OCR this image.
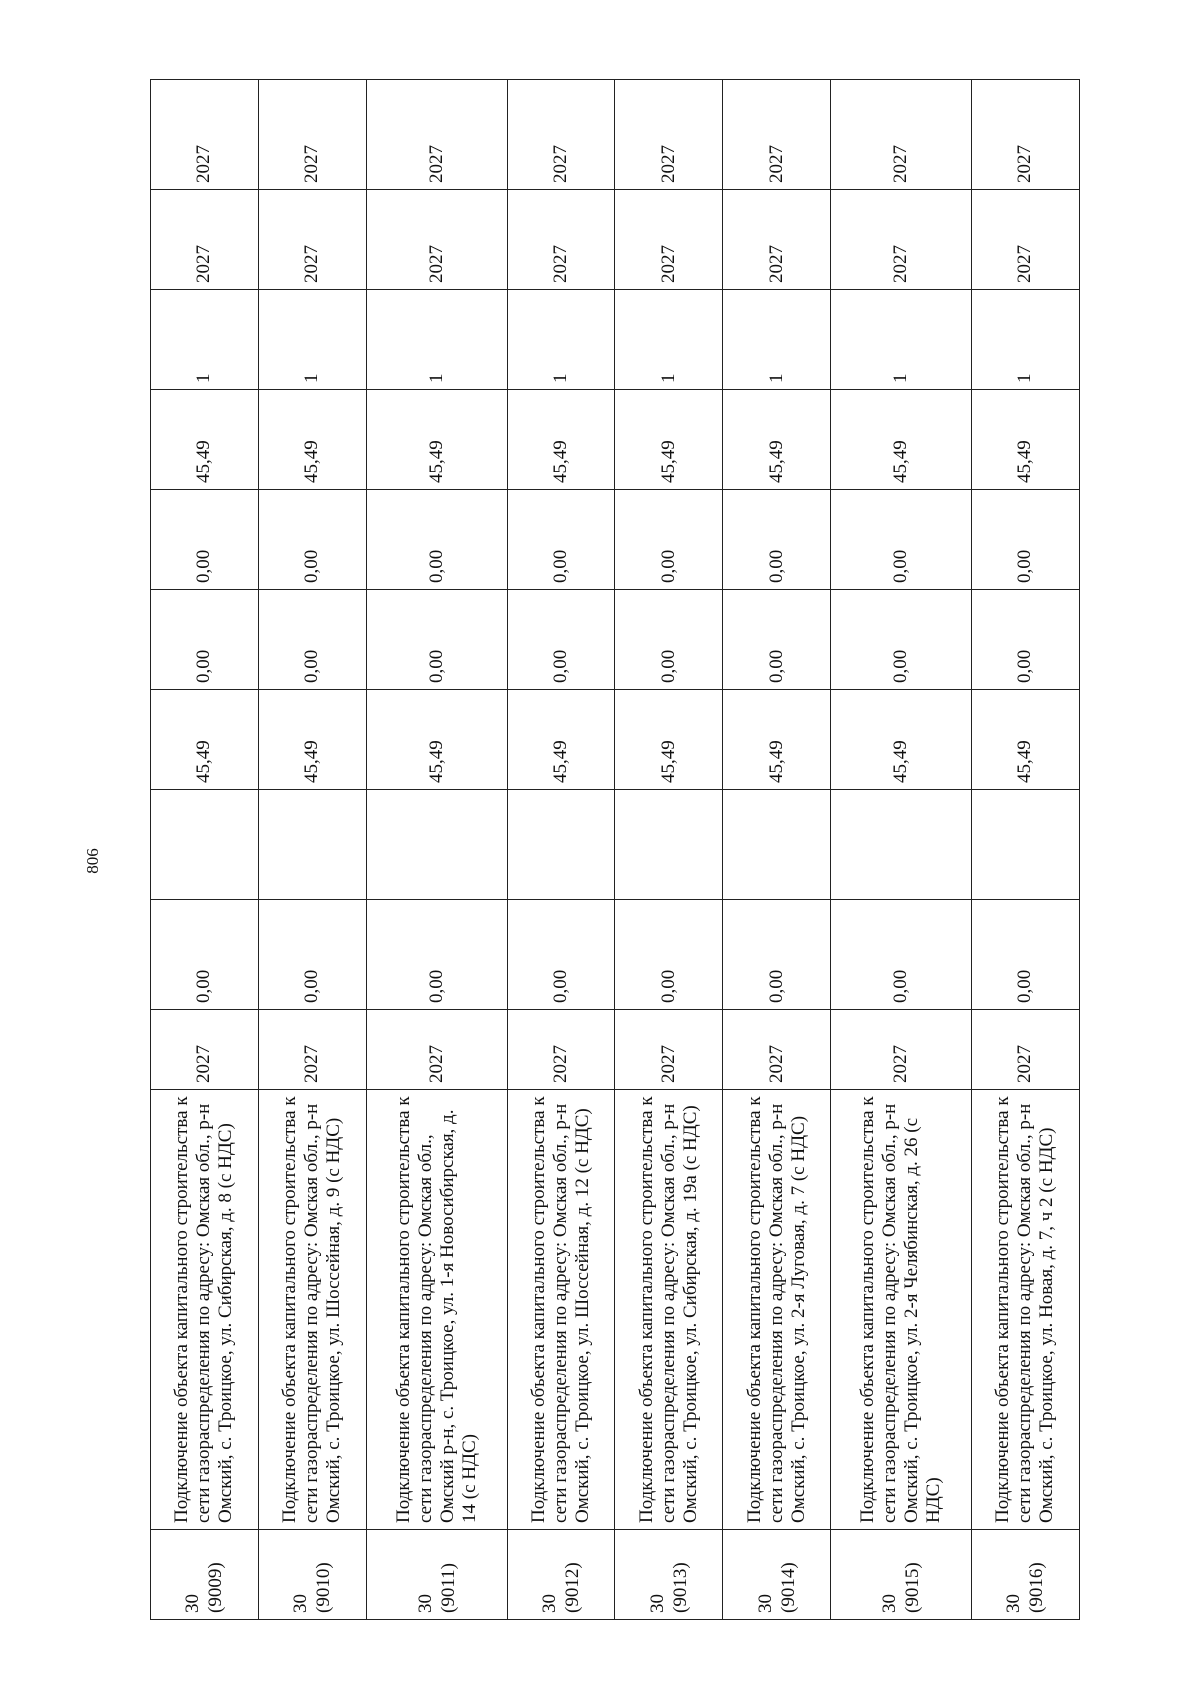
806
30 (9009)	Подключение объекта капитального строительства к сети газораспределения по адресу: Омская обл., р-н Омский, с. Троицкое, ул. Сибирская, д. 8 (с НДС)	2027	0,00		45,49	0,00	0,00	45,49	1	2027	2027
30 (9010)	Подключение объекта капитального строительства к сети газораспределения по адресу: Омская обл., р-н Омский, с. Троицкое, ул. Шоссейная, д. 9 (с НДС)	2027	0,00		45,49	0,00	0,00	45,49	1	2027	2027
30 (9011)	Подключение объекта капитального строительства к сети газораспределения по адресу: Омская обл., Омский р-н, с. Троицкое, ул. 1-я Новосибирская, д. 14 (с НДС)	2027	0,00		45,49	0,00	0,00	45,49	1	2027	2027
30 (9012)	Подключение объекта капитального строительства к сети газораспределения по адресу: Омская обл., р-н Омский, с. Троицкое, ул. Шоссейная, д. 12 (с НДС)	2027	0,00		45,49	0,00	0,00	45,49	1	2027	2027
30 (9013)	Подключение объекта капитального строительства к сети газораспределения по адресу: Омская обл., р-н Омский, с. Троицкое, ул. Сибирская, д. 19а (с НДС)	2027	0,00		45,49	0,00	0,00	45,49	1	2027	2027
30 (9014)	Подключение объекта капитального строительства к сети газораспределения по адресу: Омская обл., р-н Омский, с. Троицкое, ул. 2-я Луговая, д. 7 (с НДС)	2027	0,00		45,49	0,00	0,00	45,49	1	2027	2027
30 (9015)	Подключение объекта капитального строительства к сети газораспределения по адресу: Омская обл., р-н Омский, с. Троицкое, ул. 2-я Челябинская, д. 26 (с НДС)	2027	0,00		45,49	0,00	0,00	45,49	1	2027	2027
30 (9016)	Подключение объекта капитального строительства к сети газораспределения по адресу: Омская обл., р-н Омский, с. Троицкое, ул. Новая, д. 7, ч 2 (с НДС)	2027	0,00		45,49	0,00	0,00	45,49	1	2027	2027
